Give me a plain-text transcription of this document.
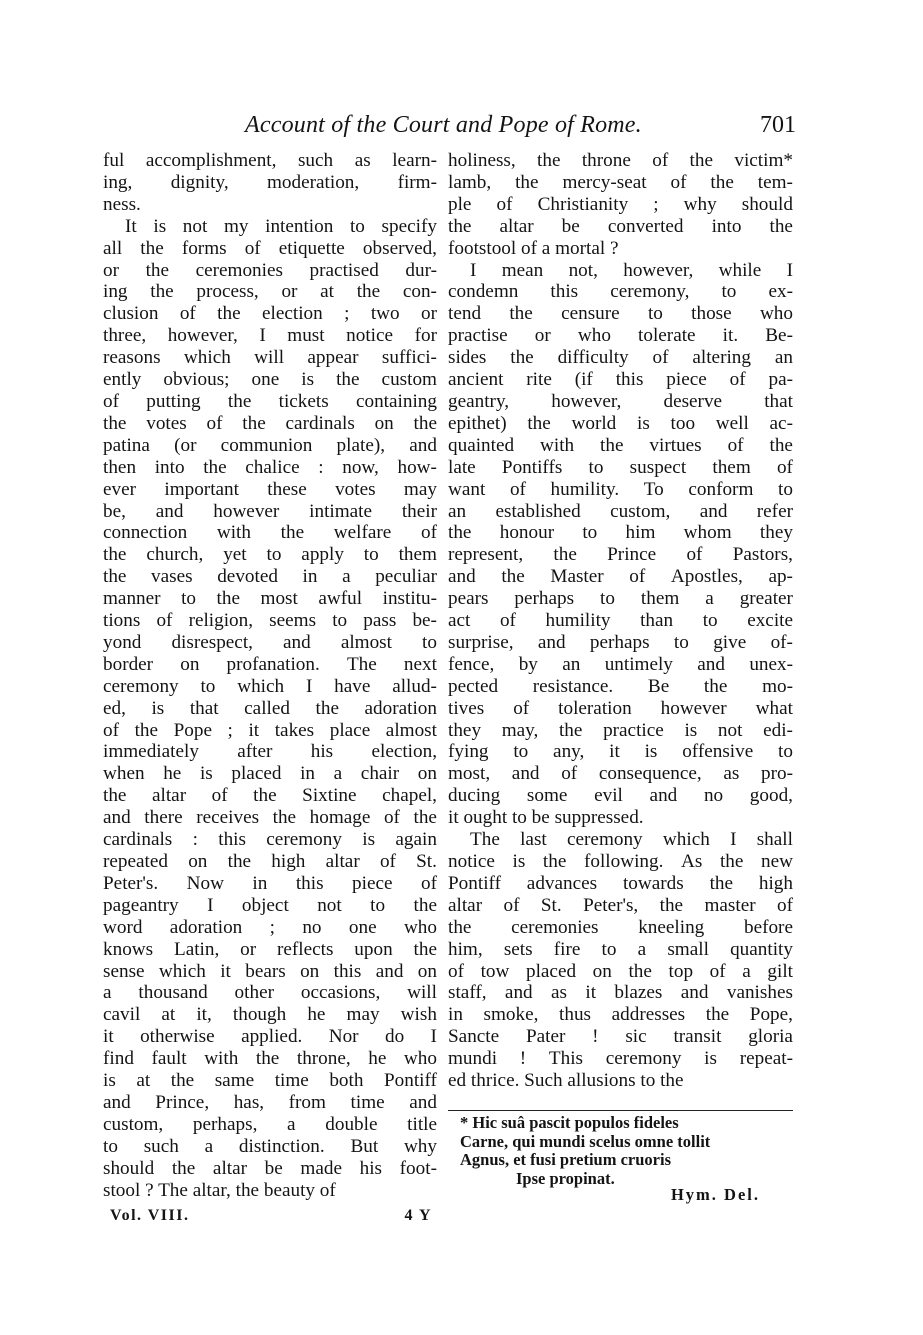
Account of the Court and Pope of Rome.	701
ful accomplishment, such as learn-
ing, dignity, moderation, firm-
ness.
It is not my intention to specify
all the forms of etiquette observed,
or the ceremonies practised dur-
ing the process, or at the con-
clusion of the election ; two or
three, however, I must notice for
reasons which will appear suffici-
ently obvious; one is the custom
of putting the tickets containing
the votes of the cardinals on the
patina (or communion plate), and
then into the chalice : now, how-
ever important these votes may
be, and however intimate their
connection with the welfare of
the church, yet to apply to them
the vases devoted in a peculiar
manner to the most awful institu-
tions of religion, seems to pass be-
yond disrespect, and almost to
border on profanation. The next
ceremony to which I have allud-
ed, is that called the adoration
of the Pope ; it takes place almost
immediately after his election,
when he is placed in a chair on
the altar of the Sixtine chapel,
and there receives the homage of the
cardinals : this ceremony is again
repeated on the high altar of St.
Peter's. Now in this piece of
pageantry I object not to the
word adoration ; no one who
knows Latin, or reflects upon the
sense which it bears on this and on
a thousand other occasions, will
cavil at it, though he may wish
it otherwise applied. Nor do I
find fault with the throne, he who
is at the same time both Pontiff
and Prince, has, from time and
custom, perhaps, a double title
to such a distinction. But why
should the altar be made his foot-
stool ? The altar, the beauty of
holiness, the throne of the victim*
lamb, the mercy-seat of the tem-
ple of Christianity ; why should
the altar be converted into the
footstool of a mortal ?
I mean not, however, while I
condemn this ceremony, to ex-
tend the censure to those who
practise or who tolerate it. Be-
sides the difficulty of altering an
ancient rite (if this piece of pa-
geantry, however, deserve that
epithet) the world is too well ac-
quainted with the virtues of the
late Pontiffs to suspect them of
want of humility. To conform to
an established custom, and refer
the honour to him whom they
represent, the Prince of Pastors,
and the Master of Apostles, ap-
pears perhaps to them a greater
act of humility than to excite
surprise, and perhaps to give of-
fence, by an untimely and unex-
pected resistance. Be the mo-
tives of toleration however what
they may, the practice is not edi-
fying to any, it is offensive to
most, and of consequence, as pro-
ducing some evil and no good,
it ought to be suppressed.
The last ceremony which I shall
notice is the following. As the new
Pontiff advances towards the high
altar of St. Peter's, the master of
the ceremonies kneeling before
him, sets fire to a small quantity
of tow placed on the top of a gilt
staff, and as it blazes and vanishes
in smoke, thus addresses the Pope,
Sancte Pater ! sic transit gloria
mundi ! This ceremony is repeat-
ed thrice. Such allusions to the
* Hic suâ pascit populos fideles
Carne, qui mundi scelus omne tollit
Agnus, et fusi pretium cruoris
Ipse propinat.
Hym. Del.
Vol. VIII.	4 Y
